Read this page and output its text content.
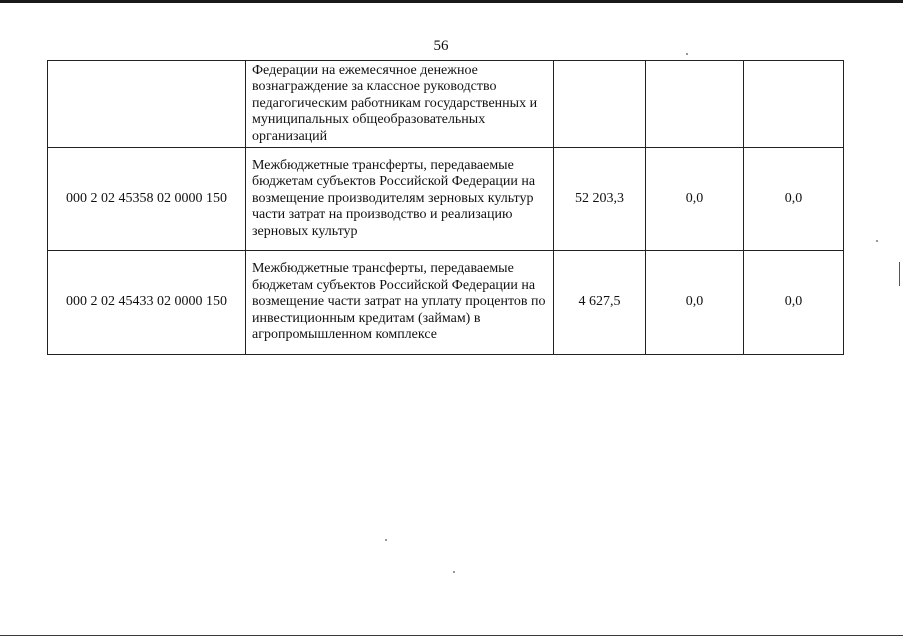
56

	Федерации на ежемесячное денежное вознаграждение за классное руководство педагогическим работникам государственных и муниципальных общеобразовательных организаций			

000 2 02 45358 02 0000 150	Межбюджетные трансферты, передаваемые бюджетам субъектов Российской Федерации на возмещение производителям зерновых культур части затрат на производство и реализацию зерновых культур	52 203,3	0,0	0,0
000 2 02 45433 02 0000 150	Межбюджетные трансферты, передаваемые бюджетам субъектов Российской Федерации на возмещение части затрат на уплату процентов по инвестиционным кредитам (займам) в агропромышленном комплексе	4 627,5	0,0	0,0
